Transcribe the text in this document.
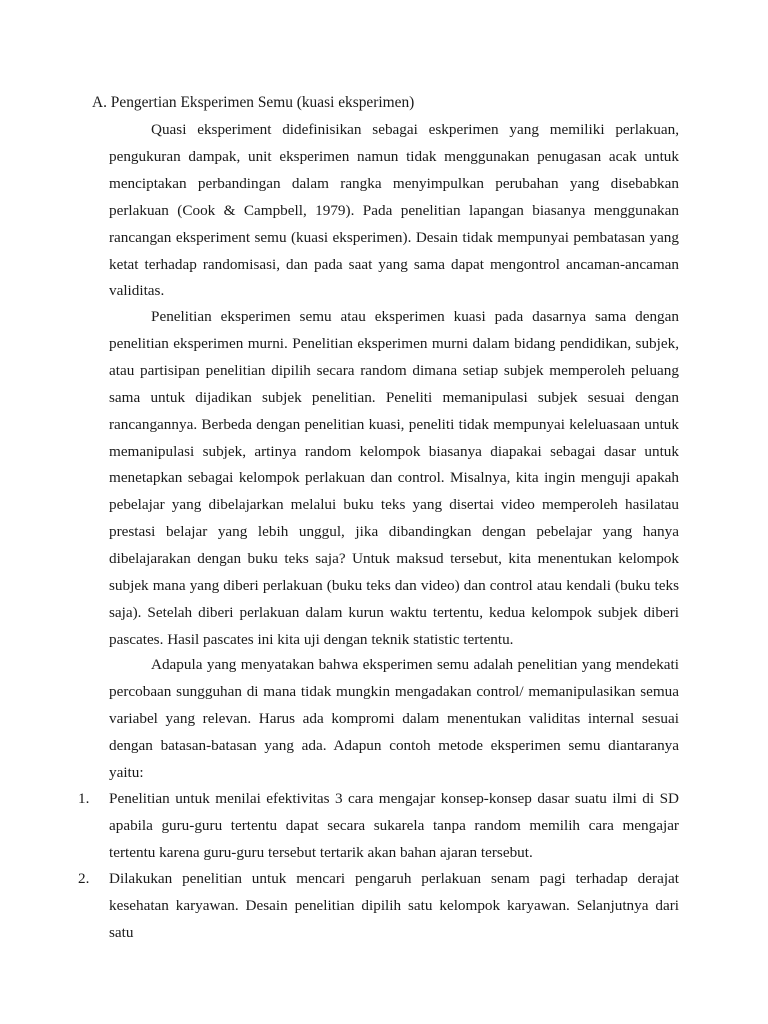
A. Pengertian Eksperimen Semu (kuasi eksperimen)

Quasi eksperiment didefinisikan sebagai eskperimen yang memiliki perlakuan, pengukuran dampak, unit eksperimen namun tidak menggunakan penugasan acak untuk menciptakan perbandingan dalam rangka menyimpulkan perubahan yang disebabkan perlakuan (Cook & Campbell, 1979). Pada penelitian lapangan biasanya menggunakan rancangan eksperiment semu (kuasi eksperimen). Desain tidak mempunyai pembatasan yang ketat terhadap randomisasi, dan pada saat yang sama dapat mengontrol ancaman-ancaman validitas.

Penelitian eksperimen semu atau eksperimen kuasi pada dasarnya sama dengan penelitian eksperimen murni. Penelitian eksperimen murni dalam bidang pendidikan, subjek, atau partisipan penelitian dipilih secara random dimana setiap subjek memperoleh peluang sama untuk dijadikan subjek penelitian. Peneliti memanipulasi subjek sesuai dengan rancangannya. Berbeda dengan penelitian kuasi, peneliti tidak mempunyai keleluasaan untuk memanipulasi subjek, artinya random kelompok biasanya diapakai sebagai dasar untuk menetapkan sebagai kelompok perlakuan dan control. Misalnya, kita ingin menguji apakah pebelajar yang dibelajarkan melalui buku teks yang disertai video memperoleh hasilatau prestasi belajar yang lebih unggul, jika dibandingkan dengan pebelajar yang hanya dibelajarakan dengan buku teks saja? Untuk maksud tersebut, kita menentukan kelompok subjek mana yang diberi perlakuan (buku teks dan video) dan control atau kendali (buku teks saja). Setelah diberi perlakuan dalam kurun waktu tertentu, kedua kelompok subjek diberi pascates. Hasil pascates ini kita uji dengan teknik statistic tertentu.

Adapula yang menyatakan bahwa eksperimen semu adalah penelitian yang mendekati percobaan sungguhan di mana tidak mungkin mengadakan control/ memanipulasikan semua variabel yang relevan. Harus ada kompromi dalam menentukan validitas internal sesuai dengan batasan-batasan yang ada. Adapun contoh metode eksperimen semu diantaranya yaitu:

1. Penelitian untuk menilai efektivitas 3 cara mengajar konsep-konsep dasar suatu ilmi di SD apabila guru-guru tertentu dapat secara sukarela tanpa random memilih cara mengajar tertentu karena guru-guru tersebut tertarik akan bahan ajaran tersebut.
2. Dilakukan penelitian untuk mencari pengaruh perlakuan senam pagi terhadap derajat kesehatan karyawan. Desain penelitian dipilih satu kelompok karyawan. Selanjutnya dari satu
